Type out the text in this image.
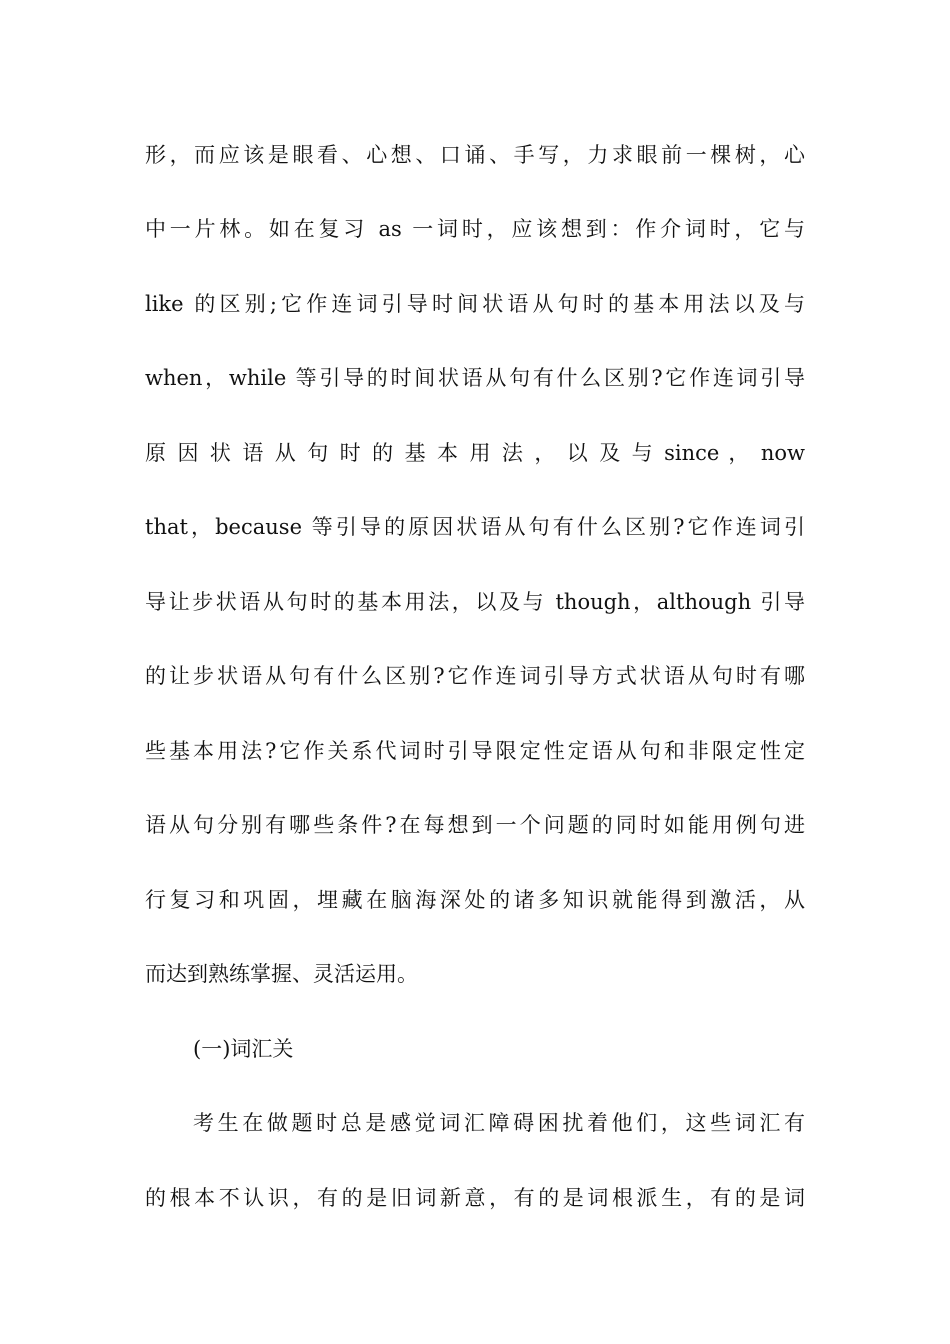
形，而应该是眼看、心想、口诵、手写，力求眼前一棵树，心
中一片林。如在复习 as 一词时，应该想到：作介词时，它与
like 的区别;它作连词引导时间状语从句时的基本用法以及与
when，while 等引导的时间状语从句有什么区别?它作连词引导
原 因 状 语 从 句 时 的 基 本 用 法 ， 以 及 与 since ， now
that，because 等引导的原因状语从句有什么区别?它作连词引
导让步状语从句时的基本用法，以及与 though，although 引导
的让步状语从句有什么区别?它作连词引导方式状语从句时有哪
些基本用法?它作关系代词时引导限定性定语从句和非限定性定
语从句分别有哪些条件?在每想到一个问题的同时如能用例句进
行复习和巩固，埋藏在脑海深处的诸多知识就能得到激活，从
而达到熟练掌握、灵活运用。
(一)词汇关
考生在做题时总是感觉词汇障碍困扰着他们，这些词汇有
的根本不认识，有的是旧词新意，有的是词根派生，有的是词
